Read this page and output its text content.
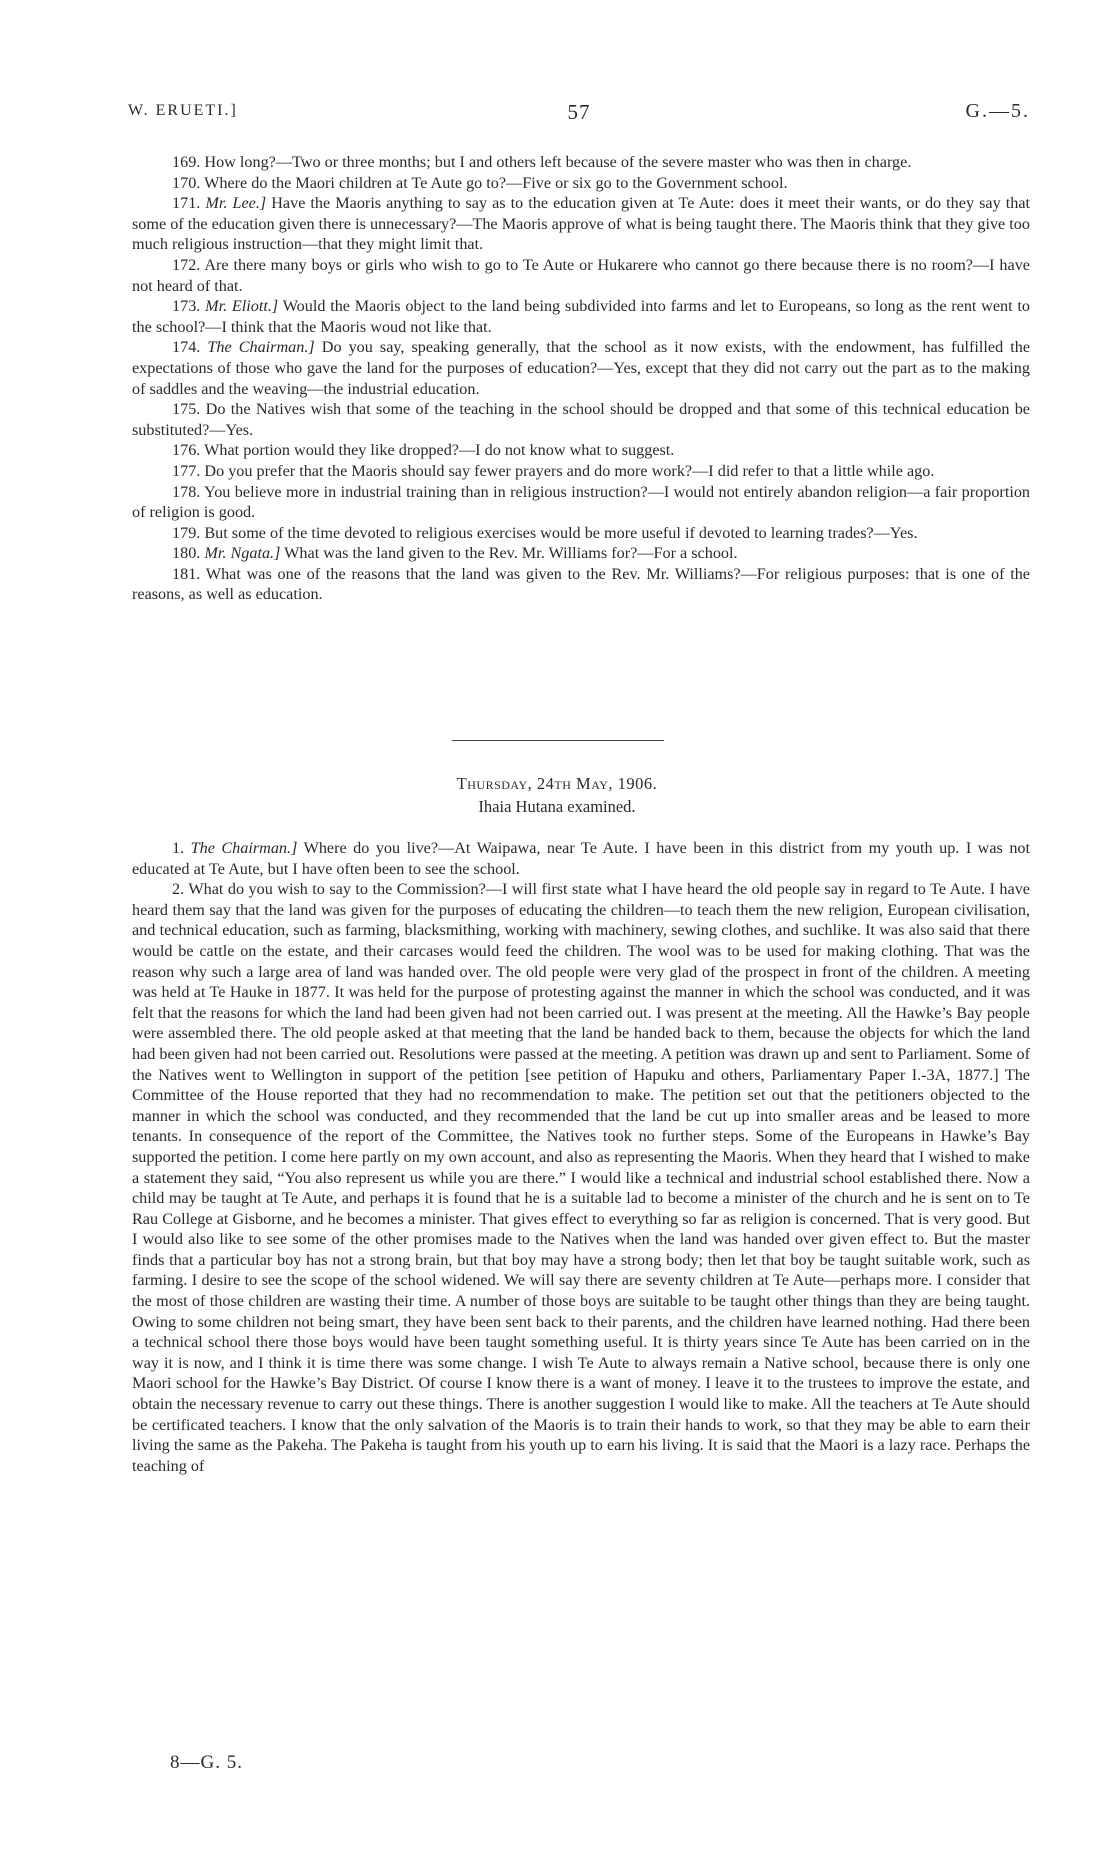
W. ERUETI.]	57	G.—5.

169. How long?—Two or three months; but I and others left because of the severe master who was then in charge.

170. Where do the Maori children at Te Aute go to?—Five or six go to the Government school.

171. Mr. Lee.] Have the Maoris anything to say as to the education given at Te Aute: does it meet their wants, or do they say that some of the education given there is unnecessary?—The Maoris approve of what is being taught there. The Maoris think that they give too much religious instruction—that they might limit that.

172. Are there many boys or girls who wish to go to Te Aute or Hukarere who cannot go there because there is no room?—I have not heard of that.

173. Mr. Eliott.] Would the Maoris object to the land being subdivided into farms and let to Europeans, so long as the rent went to the school?—I think that the Maoris woud not like that.

174. The Chairman.] Do you say, speaking generally, that the school as it now exists, with the endowment, has fulfilled the expectations of those who gave the land for the purposes of education?—Yes, except that they did not carry out the part as to the making of saddles and the weaving—the industrial education.

175. Do the Natives wish that some of the teaching in the school should be dropped and that some of this technical education be substituted?—Yes.

176. What portion would they like dropped?—I do not know what to suggest.

177. Do you prefer that the Maoris should say fewer prayers and do more work?—I did refer to that a little while ago.

178. You believe more in industrial training than in religious instruction?—I would not entirely abandon religion—a fair proportion of religion is good.

179. But some of the time devoted to religious exercises would be more useful if devoted to learning trades?—Yes.

180. Mr. Ngata.] What was the land given to the Rev. Mr. Williams for?—For a school.

181. What was one of the reasons that the land was given to the Rev. Mr. Williams?—For religious purposes: that is one of the reasons, as well as education.

Thursday, 24th May, 1906.
Ihaia Hutana examined.

1. The Chairman.] Where do you live?—At Waipawa, near Te Aute. I have been in this district from my youth up. I was not educated at Te Aute, but I have often been to see the school.

2. What do you wish to say to the Commission?—I will first state what I have heard the old people say in regard to Te Aute. I have heard them say that the land was given for the purposes of educating the children—to teach them the new religion, European civilisation, and technical education, such as farming, blacksmithing, working with machinery, sewing clothes, and suchlike. It was also said that there would be cattle on the estate, and their carcases would feed the children. The wool was to be used for making clothing. That was the reason why such a large area of land was handed over. The old people were very glad of the prospect in front of the children. A meeting was held at Te Hauke in 1877. It was held for the purpose of protesting against the manner in which the school was conducted, and it was felt that the reasons for which the land had been given had not been carried out. I was present at the meeting. All the Hawke’s Bay people were assembled there. The old people asked at that meeting that the land be handed back to them, because the objects for which the land had been given had not been carried out. Resolutions were passed at the meeting. A petition was drawn up and sent to Parliament. Some of the Natives went to Wellington in support of the petition [see petition of Hapuku and others, Parliamentary Paper I.-3A, 1877.] The Committee of the House reported that they had no recommendation to make. The petition set out that the petitioners objected to the manner in which the school was conducted, and they recommended that the land be cut up into smaller areas and be leased to more tenants. In consequence of the report of the Committee, the Natives took no further steps. Some of the Europeans in Hawke’s Bay supported the petition. I come here partly on my own account, and also as representing the Maoris. When they heard that I wished to make a statement they said, “You also represent us while you are there.” I would like a technical and industrial school established there. Now a child may be taught at Te Aute, and perhaps it is found that he is a suitable lad to become a minister of the church and he is sent on to Te Rau College at Gisborne, and he becomes a minister. That gives effect to everything so far as religion is concerned. That is very good. But I would also like to see some of the other promises made to the Natives when the land was handed over given effect to. But the master finds that a particular boy has not a strong brain, but that boy may have a strong body; then let that boy be taught suitable work, such as farming. I desire to see the scope of the school widened. We will say there are seventy children at Te Aute—perhaps more. I consider that the most of those children are wasting their time. A number of those boys are suitable to be taught other things than they are being taught. Owing to some children not being smart, they have been sent back to their parents, and the children have learned nothing. Had there been a technical school there those boys would have been taught something useful. It is thirty years since Te Aute has been carried on in the way it is now, and I think it is time there was some change. I wish Te Aute to always remain a Native school, because there is only one Maori school for the Hawke’s Bay District. Of course I know there is a want of money. I leave it to the trustees to improve the estate, and obtain the necessary revenue to carry out these things. There is another suggestion I would like to make. All the teachers at Te Aute should be certificated teachers. I know that the only salvation of the Maoris is to train their hands to work, so that they may be able to earn their living the same as the Pakeha. The Pakeha is taught from his youth up to earn his living. It is said that the Maori is a lazy race. Perhaps the teaching of

8—G. 5.
